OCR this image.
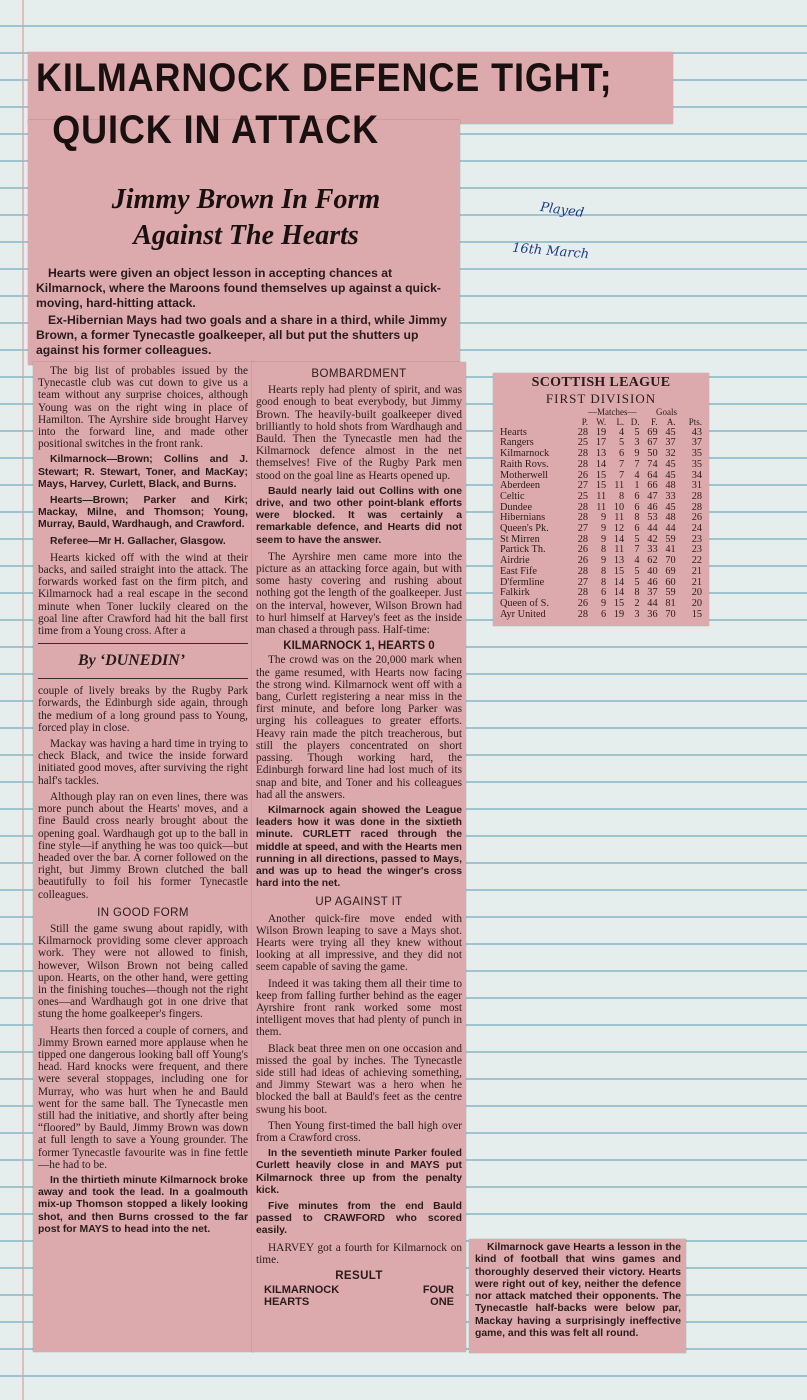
KILMARNOCK DEFENCE TIGHT;
QUICK IN ATTACK
Jimmy Brown In Form
Against The Hearts

Hearts were given an object lesson in accepting chances at Kilmarnock, where the Maroons found themselves up against a quick-moving, hard-hitting attack.

Ex-Hibernian Mays had two goals and a share in a third, while Jimmy Brown, a former Tynecastle goalkeeper, all but put the shutters up against his former colleagues.

The big list of probables issued by the Tynecastle club was cut down to give us a team without any surprise choices, although Young was on the right wing in place of Hamilton. The Ayrshire side brought Harvey into the forward line, and made other positional switches in the front rank.

Kilmarnock—Brown; Collins and J. Stewart; R. Stewart, Toner, and MacKay; Mays, Harvey, Curlett, Black, and Burns.

Hearts—Brown; Parker and Kirk; Mackay, Milne, and Thomson; Young, Murray, Bauld, Wardhaugh, and Crawford.

Referee—Mr H. Gallacher, Glasgow.

Hearts kicked off with the wind at their backs, and sailed straight into the attack. The forwards worked fast on the firm pitch, and Kilmarnock had a real escape in the second minute when Toner luckily cleared on the goal line after Crawford had hit the ball first time from a Young cross. After a

By ‘DUNEDIN’

couple of lively breaks by the Rugby Park forwards, the Edinburgh side again, through the medium of a long ground pass to Young, forced play in close.

Mackay was having a hard time in trying to check Black, and twice the inside forward initiated good moves, after surviving the right half's tackles.

Although play ran on even lines, there was more punch about the Hearts' moves, and a fine Bauld cross nearly brought about the opening goal. Wardhaugh got up to the ball in fine style—if anything he was too quick—but headed over the bar. A corner followed on the right, but Jimmy Brown clutched the ball beautifully to foil his former Tynecastle colleagues.

IN GOOD FORM

Still the game swung about rapidly, with Kilmarnock providing some clever approach work. They were not allowed to finish, however, Wilson Brown not being called upon. Hearts, on the other hand, were getting in the finishing touches—though not the right ones—and Wardhaugh got in one drive that stung the home goalkeeper's fingers.

Hearts then forced a couple of corners, and Jimmy Brown earned more applause when he tipped one dangerous looking ball off Young's head. Hard knocks were frequent, and there were several stoppages, including one for Murray, who was hurt when he and Bauld went for the same ball. The Tynecastle men still had the initiative, and shortly after being “floored” by Bauld, Jimmy Brown was down at full length to save a Young grounder. The former Tynecastle favourite was in fine fettle—he had to be.

In the thirtieth minute Kilmarnock broke away and took the lead. In a goalmouth mix-up Thomson stopped a likely looking shot, and then Burns crossed to the far post for MAYS to head into the net.

BOMBARDMENT

Hearts reply had plenty of spirit, and was good enough to beat everybody, but Jimmy Brown. The heavily-built goalkeeper dived brilliantly to hold shots from Wardhaugh and Bauld. Then the Tynecastle men had the Kilmarnock defence almost in the net themselves! Five of the Rugby Park men stood on the goal line as Hearts opened up.

Bauld nearly laid out Collins with one drive, and two other point-blank efforts were blocked. It was certainly a remarkable defence, and Hearts did not seem to have the answer.

The Ayrshire men came more into the picture as an attacking force again, but with some hasty covering and rushing about nothing got the length of the goalkeeper. Just on the interval, however, Wilson Brown had to hurl himself at Harvey's feet as the inside man chased a through pass. Half-time:

KILMARNOCK 1, HEARTS 0

The crowd was on the 20,000 mark when the game resumed, with Hearts now facing the strong wind. Kilmarnock went off with a bang, Curlett registering a near miss in the first minute, and before long Parker was urging his colleagues to greater efforts. Heavy rain made the pitch treacherous, but still the players concentrated on short passing. Though working hard, the Edinburgh forward line had lost much of its snap and bite, and Toner and his colleagues had all the answers.

Kilmarnock again showed the League leaders how it was done in the sixtieth minute. CURLETT raced through the middle at speed, and with the Hearts men running in all directions, passed to Mays, and was up to head the winger's cross hard into the net.

UP AGAINST IT

Another quick-fire move ended with Wilson Brown leaping to save a Mays shot. Hearts were trying all they knew without looking at all impressive, and they did not seem capable of saving the game.

Indeed it was taking them all their time to keep from falling further behind as the eager Ayrshire front rank worked some most intelligent moves that had plenty of punch in them.

Black beat three men on one occasion and missed the goal by inches. The Tynecastle side still had ideas of achieving something, and Jimmy Stewart was a hero when he blocked the ball at Bauld's feet as the centre swung his boot.

Then Young first-timed the ball high over from a Crawford cross.

In the seventieth minute Parker fouled Curlett heavily close in and MAYS put Kilmarnock three up from the penalty kick.

Five minutes from the end Bauld passed to CRAWFORD who scored easily.

HARVEY got a fourth for Kilmarnock on time.

RESULT
KILMARNOCK	FOUR
HEARTS	ONE
Played
16th March
SCOTTISH LEAGUE
FIRST DIVISION
—Matches— Goals
	P.	W.	L.	D.	F.	A.	Pts.
Hearts	28	19	4	5	69	45	43
Rangers	25	17	5	3	67	37	37
Kilmarnock	28	13	6	9	50	32	35
Raith Rovs.	28	14	7	7	74	45	35
Motherwell	26	15	7	4	64	45	34
Aberdeen	27	15	11	1	66	48	31
Celtic	25	11	8	6	47	33	28
Dundee	28	11	10	6	46	45	28
Hibernians	28	9	11	8	53	48	26
Queen's Pk.	27	9	12	6	44	44	24
St Mirren	28	9	14	5	42	59	23
Partick Th.	26	8	11	7	33	41	23
Airdrie	26	9	13	4	62	70	22
East Fife	28	8	15	5	40	69	21
D'fermline	27	8	14	5	46	60	21
Falkirk	28	6	14	8	37	59	20
Queen of S.	26	9	15	2	44	81	20
Ayr United	28	6	19	3	36	70	15
Kilmarnock gave Hearts a lesson in the kind of football that wins games and thoroughly deserved their victory. Hearts were right out of key, neither the defence nor attack matched their opponents. The Tynecastle half-backs were below par, Mackay having a surprisingly ineffective game, and this was felt all round.
